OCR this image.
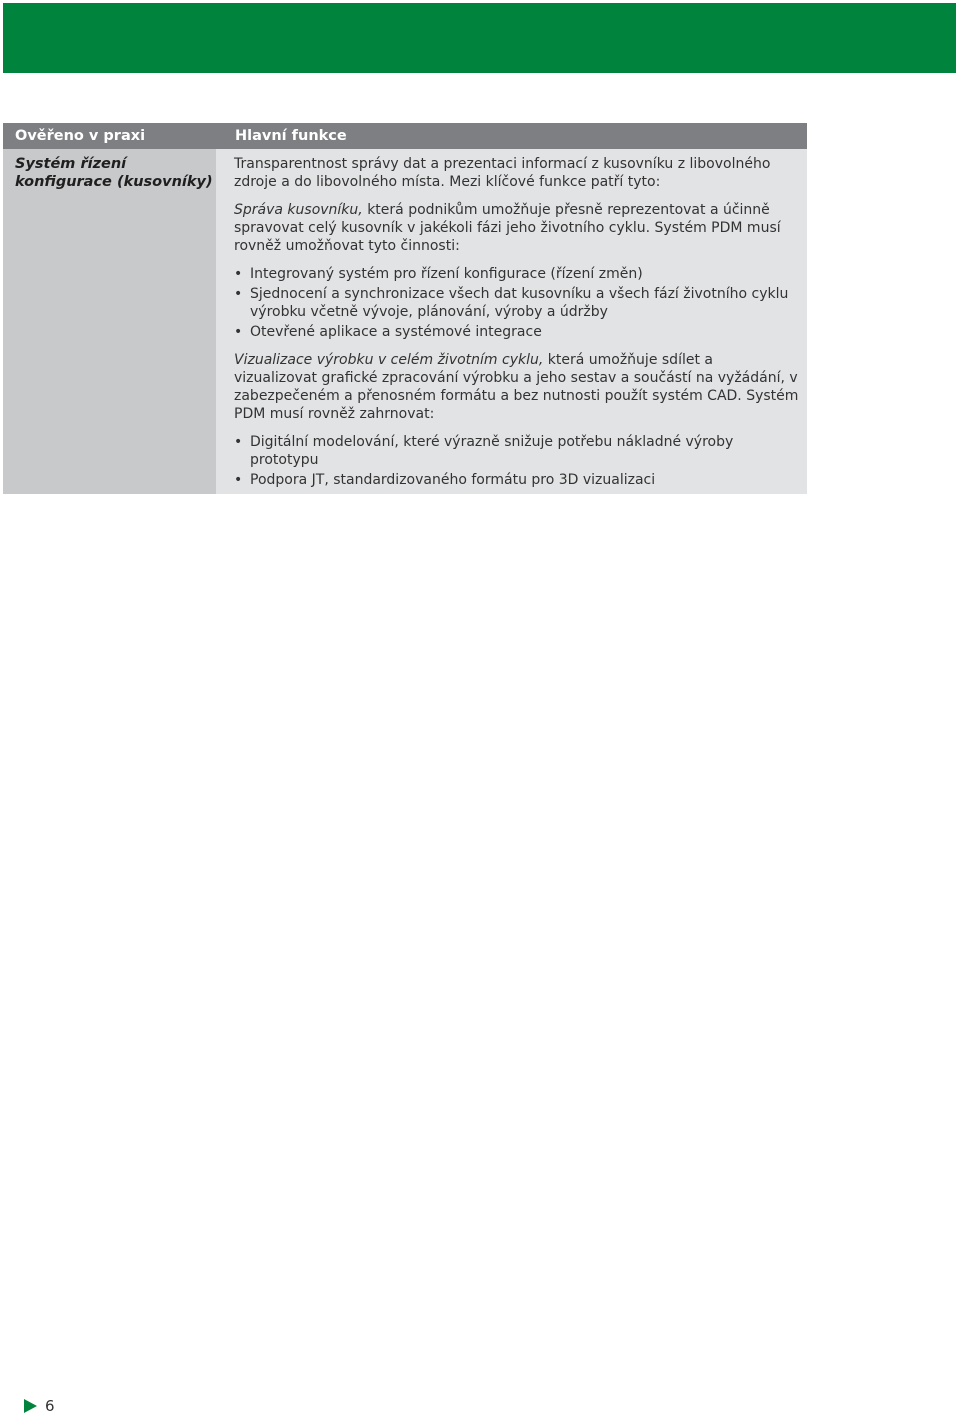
Ověřeno v praxi	Hlavní funkce
Systém řízení konfigurace (kusovníky)

Transparentnost správy dat a prezentaci informací z kusovníku z libovolného zdroje a do libovolného místa. Mezi klíčové funkce patří tyto:

Správa kusovníku, která podnikům umožňuje přesně reprezentovat a účinně spravovat celý kusovník v jakékoli fázi jeho životního cyklu. Systém PDM musí rovněž umožňovat tyto činnosti:

• Integrovaný systém pro řízení konfigurace (řízení změn)
• Sjednocení a synchronizace všech dat kusovníku a všech fází životního cyklu výrobku včetně vývoje, plánování, výroby a údržby
• Otevřené aplikace a systémové integrace

Vizualizace výrobku v celém životním cyklu, která umožňuje sdílet a vizualizovat grafické zpracování výrobku a jeho sestav a součástí na vyžádání, v zabezpečeném a přenosném formátu a bez nutnosti použít systém CAD. Systém PDM musí rovněž zahrnovat:

• Digitální modelování, které výrazně snižuje potřebu nákladné výroby prototypu
• Podpora JT, standardizovaného formátu pro 3D vizualizaci
6
